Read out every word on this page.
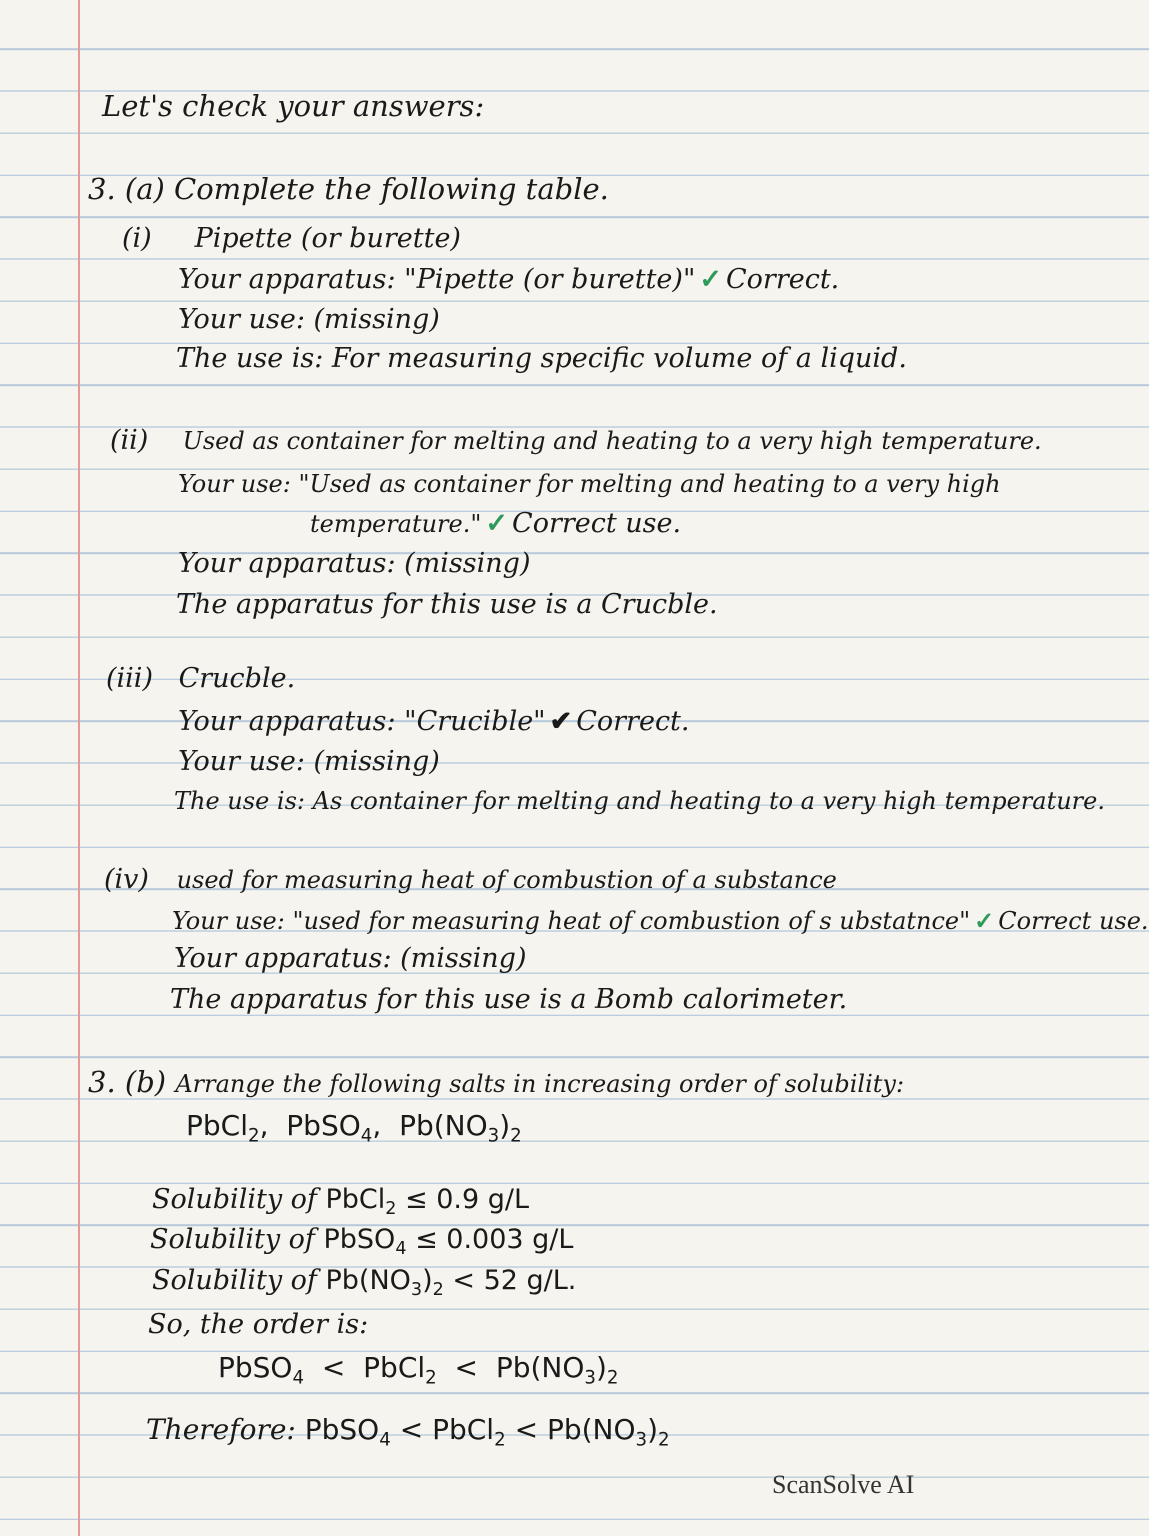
Let's check your answers:
3. (a) Complete the following table.
(i) Pipette (or burette)
Your apparatus: "Pipette (or burette)" ✓ Correct.
Your use: (missing)
The use is: For measuring specific volume of a liquid.
(ii) Used as container for melting and heating to a very high temperature.
Your use: "Used as container for melting and heating to a very high
temperature." ✓ Correct use.
Your apparatus: (missing)
The apparatus for this use is a Crucble.
(iii) Crucble.
Your apparatus: "Crucible" ✔ Correct.
Your use: (missing)
The use is: As container for melting and heating to a very high temperature.
(iv) used for measuring heat of combustion of a substance
Your use: "used for measuring heat of combustion of s ubstatnce" ✓ Correct use.
Your apparatus: (missing)
The apparatus for this use is a Bomb calorimeter.
3. (b) Arrange the following salts in increasing order of solubility:
PbCl$_2$, PbSO$_4$, $Pb(NO_3)_2$
Solubility of PbCl$_2$ ≤ 0.9 g/L
Solubility of PbSO$_4$ ≤ 0.003 g/L
Solubility of $Pb(NO_3)_2 < 52$ g/L.
So, the order is:
PbSO$_4$ < PbCl$_2$ < $Pb(NO_3)_2$
Therefore: PbSO$_4$ < PbCl$_2$ < $Pb(NO_3)_2$
ScanSolve AI
